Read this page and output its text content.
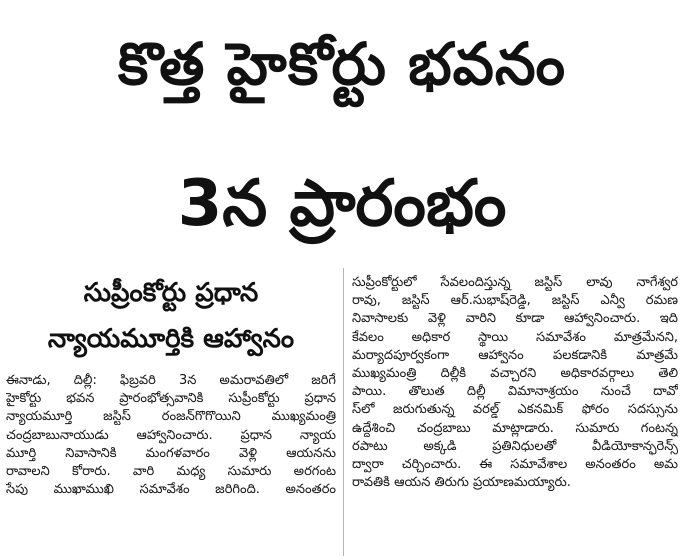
కొత్త హైకోర్టు భవనం
3న ప్రారంభం
సుప్రీంకోర్టు ప్రధాన
న్యాయమూర్తికి ఆహ్వానం
ఈనాడు, దిల్లీ: ఫిబ్రవరి 3న అమరావతిలో జరిగే
హైకోర్టు భవన ప్రారంభోత్సవానికి సుప్రీంకోర్టు ప్రధాన
న్యాయమూర్తి జస్టిస్ రంజన్‌గొగొయిని ముఖ్యమంత్రి
చంద్రబాబునాయుడు ఆహ్వానించారు. ప్రధాన న్యాయ
మూర్తి నివాసానికి మంగళవారం వెళ్లి ఆయనను
రావాలని కోరారు. వారి మధ్య సుమారు అరగంట
సేపు ముఖాముఖి సమావేశం జరిగింది. అనంతరం
సుప్రీంకోర్టులో సేవలందిస్తున్న జస్టిస్ లావు నాగేశ్వర
రావు, జస్టిస్ ఆర్.సుభాష్‌రెడ్డి, జస్టిస్ ఎన్వీ రమణ
నివాసాలకు వెళ్లి వారిని కూడా ఆహ్వానించారు. ఇది
కేవలం అధికార స్థాయి సమావేశం మాత్రమేనని,
మర్యాదపూర్వకంగా ఆహ్వానం పలకడానికి మాత్రమే
ముఖ్యమంత్రి దిల్లీకి వచ్చారని అధికారవర్గాలు తెలి
పాయి. తొలుత దిల్లీ విమానాశ్రయం నుంచే దావో
స్‌లో జరుగుతున్న వరల్డ్ ఎకనమిక్ ఫోరం సదస్సును
ఉద్దేశించి చంద్రబాబు మాట్లాడారు. సుమారు గంటన్న
రపాటు అక్కడి ప్రతినిధులతో వీడియోకాన్ఫరెన్స్
ద్వారా చర్చించారు. ఈ సమావేశాల అనంతరం అమ
రావతికి ఆయన తిరుగు ప్రయాణమయ్యారు.
